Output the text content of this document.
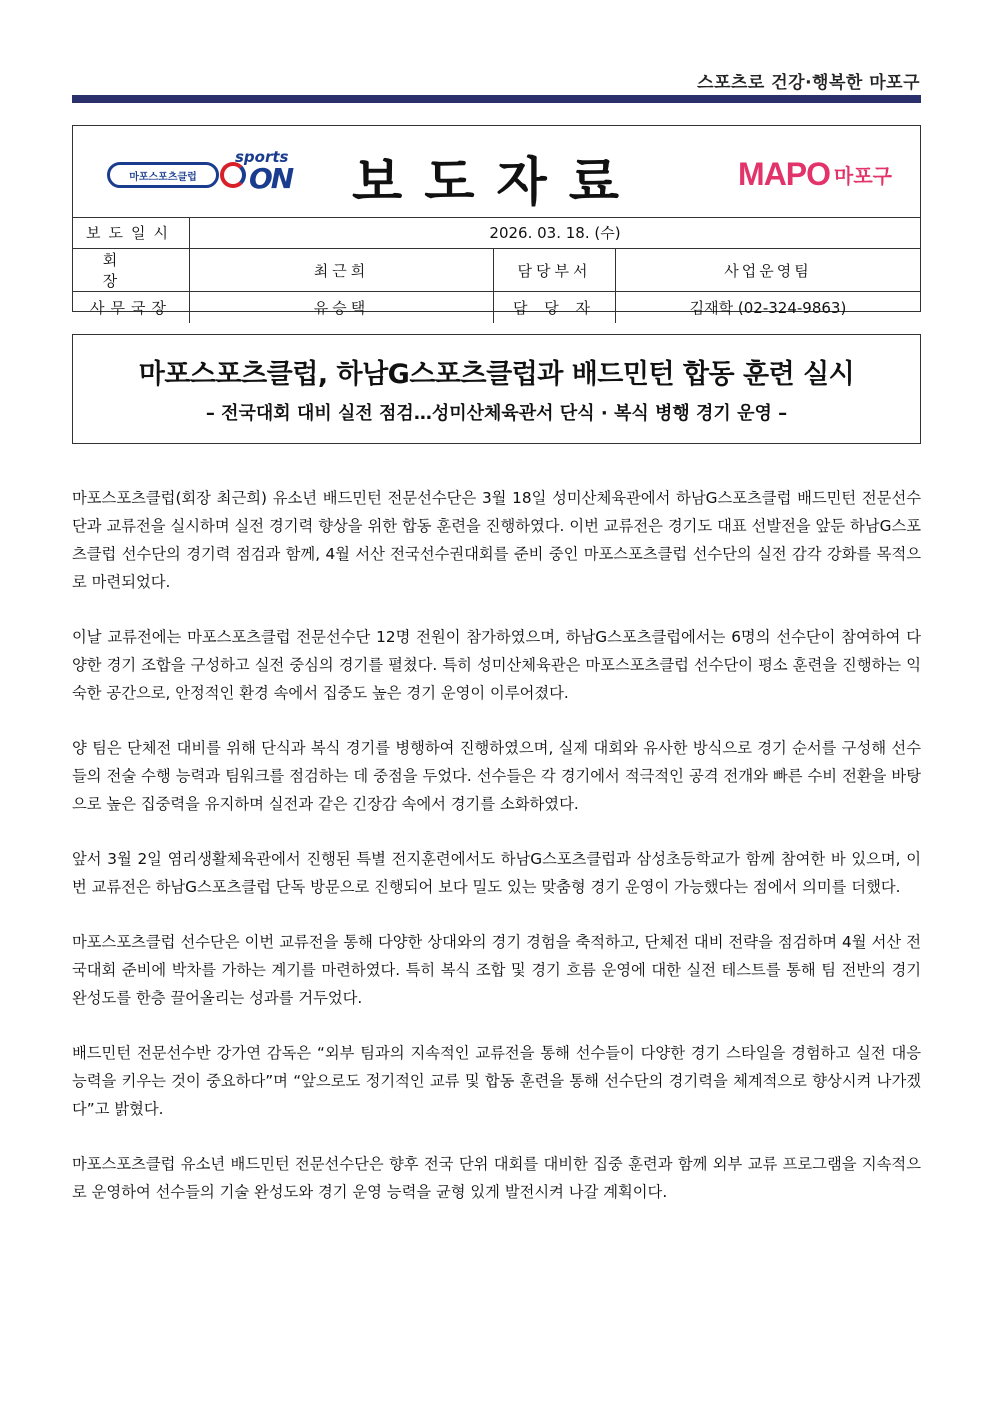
스포츠로 건강·행복한 마포구
마포스포츠클럽
sports
ON	보도자료	MAPO 마포구
보도일시	2026. 03. 18. (수)		
회 장	최근희	담당부서	사업운영팀
사무국장	유승택	담 당 자	김재학 (02-324-9863)
마포스포츠클럽, 하남G스포츠클럽과 배드민턴 합동 훈련 실시
– 전국대회 대비 실전 점검…성미산체육관서 단식 · 복식 병행 경기 운영 –

마포스포츠클럽(회장 최근희) 유소년 배드민턴 전문선수단은 3월 18일 성미산체육관에서 하남G스포츠클럽 배드민턴 전문선수단과 교류전을 실시하며 실전 경기력 향상을 위한 합동 훈련을 진행하였다. 이번 교류전은 경기도 대표 선발전을 앞둔 하남G스포츠클럽 선수단의 경기력 점검과 함께, 4월 서산 전국선수권대회를 준비 중인 마포스포츠클럽 선수단의 실전 감각 강화를 목적으로 마련되었다.

이날 교류전에는 마포스포츠클럽 전문선수단 12명 전원이 참가하였으며, 하남G스포츠클럽에서는 6명의 선수단이 참여하여 다양한 경기 조합을 구성하고 실전 중심의 경기를 펼쳤다. 특히 성미산체육관은 마포스포츠클럽 선수단이 평소 훈련을 진행하는 익숙한 공간으로, 안정적인 환경 속에서 집중도 높은 경기 운영이 이루어졌다.

양 팀은 단체전 대비를 위해 단식과 복식 경기를 병행하여 진행하였으며, 실제 대회와 유사한 방식으로 경기 순서를 구성해 선수들의 전술 수행 능력과 팀워크를 점검하는 데 중점을 두었다. 선수들은 각 경기에서 적극적인 공격 전개와 빠른 수비 전환을 바탕으로 높은 집중력을 유지하며 실전과 같은 긴장감 속에서 경기를 소화하였다.

앞서 3월 2일 염리생활체육관에서 진행된 특별 전지훈련에서도 하남G스포츠클럽과 삼성초등학교가 함께 참여한 바 있으며, 이번 교류전은 하남G스포츠클럽 단독 방문으로 진행되어 보다 밀도 있는 맞춤형 경기 운영이 가능했다는 점에서 의미를 더했다.

마포스포츠클럽 선수단은 이번 교류전을 통해 다양한 상대와의 경기 경험을 축적하고, 단체전 대비 전략을 점검하며 4월 서산 전국대회 준비에 박차를 가하는 계기를 마련하였다. 특히 복식 조합 및 경기 흐름 운영에 대한 실전 테스트를 통해 팀 전반의 경기 완성도를 한층 끌어올리는 성과를 거두었다.

배드민턴 전문선수반 강가연 감독은 “외부 팀과의 지속적인 교류전을 통해 선수들이 다양한 경기 스타일을 경험하고 실전 대응 능력을 키우는 것이 중요하다”며 “앞으로도 정기적인 교류 및 합동 훈련을 통해 선수단의 경기력을 체계적으로 향상시켜 나가겠다”고 밝혔다.

마포스포츠클럽 유소년 배드민턴 전문선수단은 향후 전국 단위 대회를 대비한 집중 훈련과 함께 외부 교류 프로그램을 지속적으로 운영하여 선수들의 기술 완성도와 경기 운영 능력을 균형 있게 발전시켜 나갈 계획이다.
